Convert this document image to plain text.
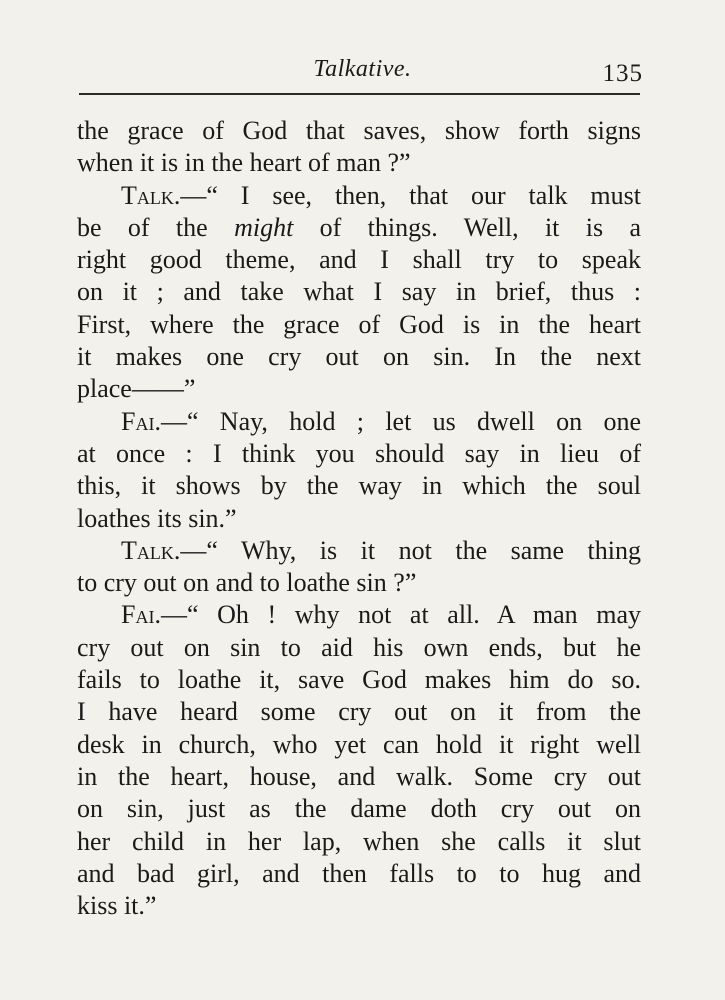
Talkative.	135
the grace of God that saves, show forth signs
when it is in the heart of man ?”
Talk.—“ I see, then, that our talk must
be of the might of things. Well, it is a
right good theme, and I shall try to speak
on it ; and take what I say in brief, thus :
First, where the grace of God is in the heart
it makes one cry out on sin. In the next
place——”
Fai.—“ Nay, hold ; let us dwell on one
at once : I think you should say in lieu of
this, it shows by the way in which the soul
loathes its sin.”
Talk.—“ Why, is it not the same thing
to cry out on and to loathe sin ?”
Fai.—“ Oh ! why not at all. A man may
cry out on sin to aid his own ends, but he
fails to loathe it, save God makes him do so.
I have heard some cry out on it from the
desk in church, who yet can hold it right well
in the heart, house, and walk. Some cry out
on sin, just as the dame doth cry out on
her child in her lap, when she calls it slut
and bad girl, and then falls to to hug and
kiss it.”
